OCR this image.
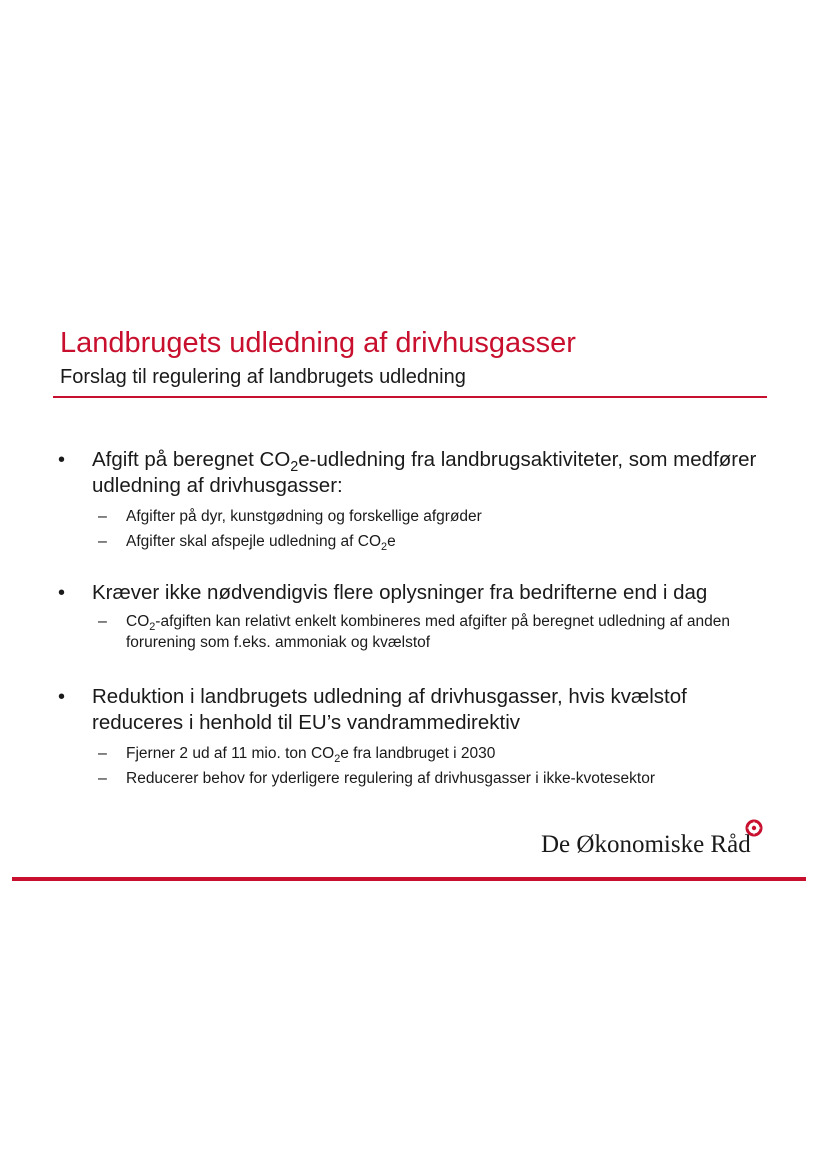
Landbrugets udledning af drivhusgasser
Forslag til regulering af landbrugets udledning
• Afgift på beregnet $CO_2e$-udledning fra landbrugsaktiviteter, som medfører udledning af drivhusgasser:
– Afgifter på dyr, kunstgødning og forskellige afgrøder
– Afgifter skal afspejle udledning af $CO_2e$
• Kræver ikke nødvendigvis flere oplysninger fra bedrifterne end i dag
– $CO_2$-afgiften kan relativt enkelt kombineres med afgifter på beregnet udledning af anden forurening som f.eks. ammoniak og kvælstof
• Reduktion i landbrugets udledning af drivhusgasser, hvis kvælstof reduceres i henhold til EU’s vandrammedirektiv
– Fjerner 2 ud af 11 mio. ton $CO_2e$ fra landbruget i 2030
– Reducerer behov for yderligere regulering af drivhusgasser i ikke-kvotesektor
De Økonomiske Råd
